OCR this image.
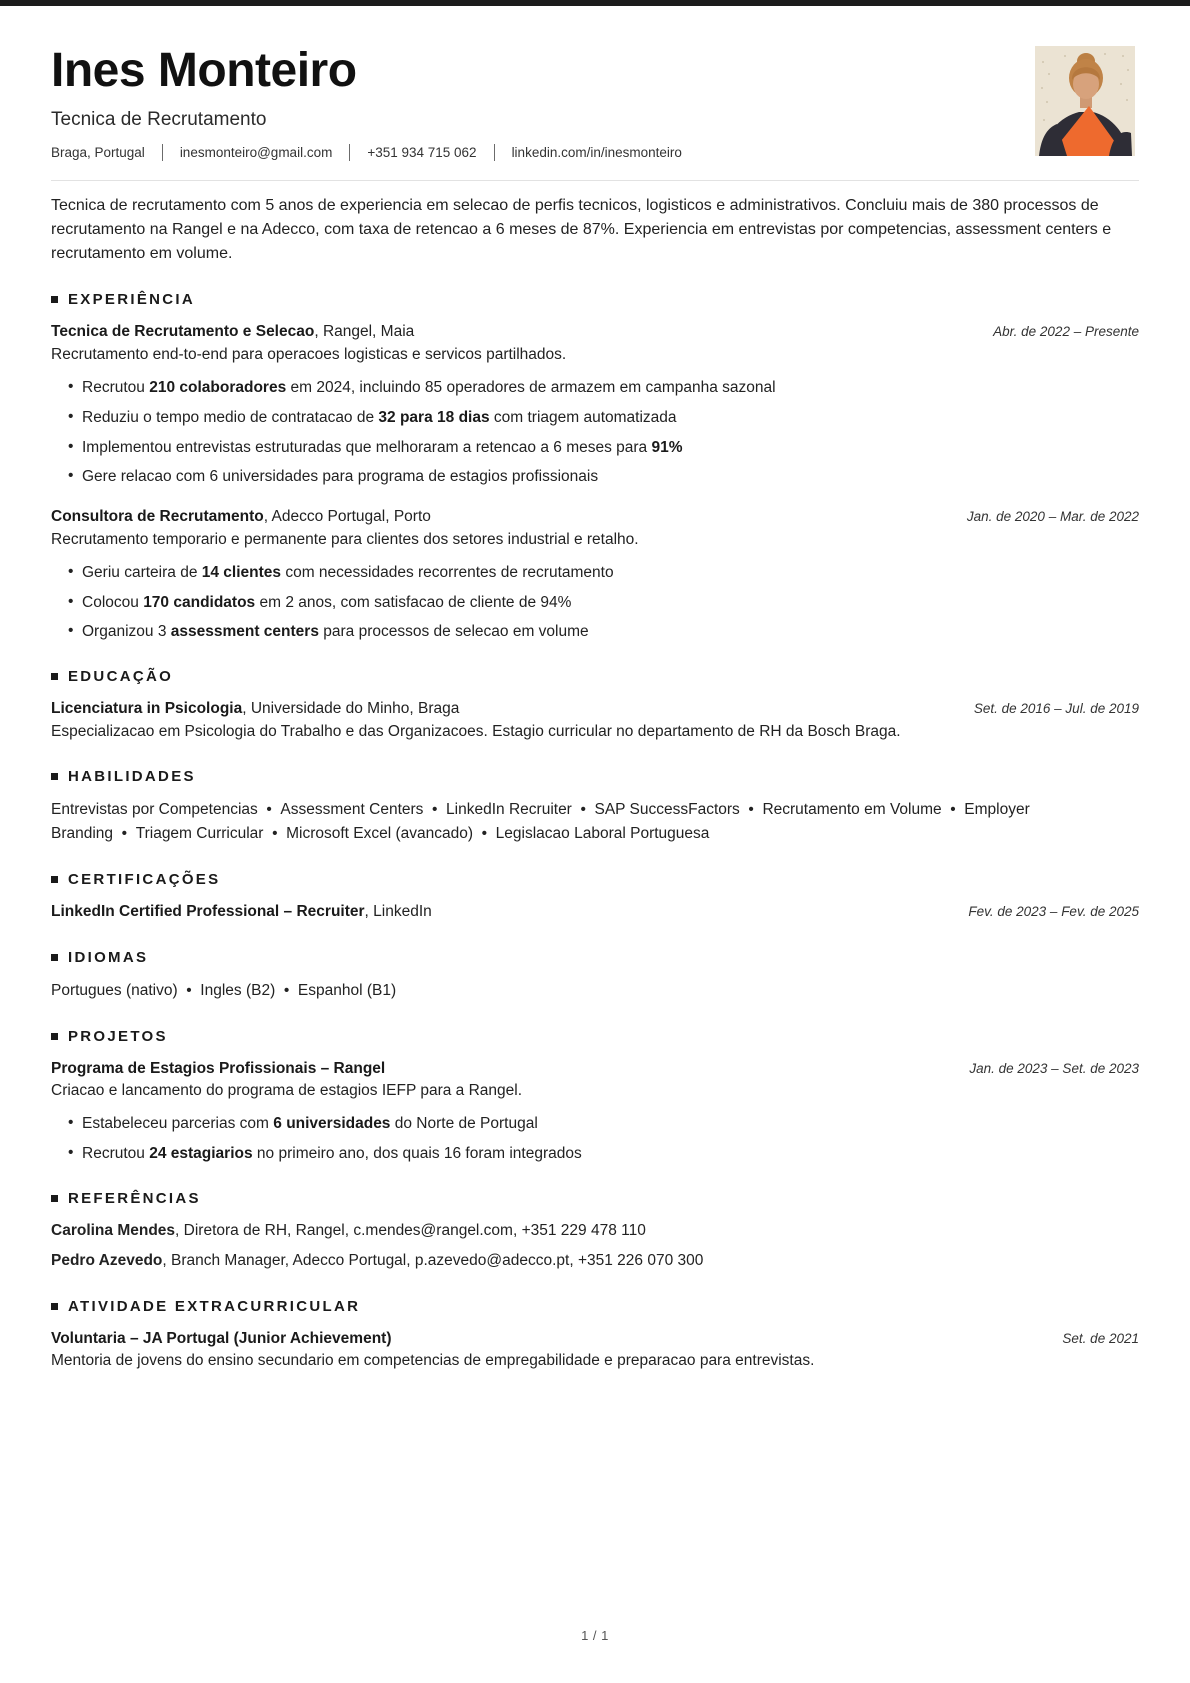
Ines Monteiro
Tecnica de Recrutamento
Braga, Portugal	inesmonteiro@gmail.com	+351 934 715 062	linkedin.com/in/inesmonteiro

Tecnica de recrutamento com 5 anos de experiencia em selecao de perfis tecnicos, logisticos e administrativos. Concluiu mais de 380 processos de recrutamento na Rangel e na Adecco, com taxa de retencao a 6 meses de 87%. Experiencia em entrevistas por competencias, assessment centers e recrutamento em volume.

EXPERIÊNCIA
Tecnica de Recrutamento e Selecao, Rangel, Maia	Abr. de 2022 – Presente
Recrutamento end-to-end para operacoes logisticas e servicos partilhados.
• Recrutou 210 colaboradores em 2024, incluindo 85 operadores de armazem em campanha sazonal
• Reduziu o tempo medio de contratacao de 32 para 18 dias com triagem automatizada
• Implementou entrevistas estruturadas que melhoraram a retencao a 6 meses para 91%
• Gere relacao com 6 universidades para programa de estagios profissionais
Consultora de Recrutamento, Adecco Portugal, Porto	Jan. de 2020 – Mar. de 2022
Recrutamento temporario e permanente para clientes dos setores industrial e retalho.
• Geriu carteira de 14 clientes com necessidades recorrentes de recrutamento
• Colocou 170 candidatos em 2 anos, com satisfacao de cliente de 94%
• Organizou 3 assessment centers para processos de selecao em volume
EDUCAÇÃO
Licenciatura in Psicologia, Universidade do Minho, Braga	Set. de 2016 – Jul. de 2019
Especializacao em Psicologia do Trabalho e das Organizacoes. Estagio curricular no departamento de RH da Bosch Braga.
HABILIDADES
Entrevistas por Competencias  •  Assessment Centers  •  LinkedIn Recruiter  •  SAP SuccessFactors  •  Recrutamento em Volume  •  Employer Branding  •  Triagem Curricular  •  Microsoft Excel (avancado)  •  Legislacao Laboral Portuguesa
CERTIFICAÇÕES
LinkedIn Certified Professional – Recruiter, LinkedIn	Fev. de 2023 – Fev. de 2025
IDIOMAS
Portugues (nativo)  •  Ingles (B2)  •  Espanhol (B1)
PROJETOS
Programa de Estagios Profissionais – Rangel	Jan. de 2023 – Set. de 2023
Criacao e lancamento do programa de estagios IEFP para a Rangel.
• Estabeleceu parcerias com 6 universidades do Norte de Portugal
• Recrutou 24 estagiarios no primeiro ano, dos quais 16 foram integrados
REFERÊNCIAS
Carolina Mendes, Diretora de RH, Rangel, c.mendes@rangel.com, +351 229 478 110
Pedro Azevedo, Branch Manager, Adecco Portugal, p.azevedo@adecco.pt, +351 226 070 300
ATIVIDADE EXTRACURRICULAR
Voluntaria – JA Portugal (Junior Achievement)	Set. de 2021
Mentoria de jovens do ensino secundario em competencias de empregabilidade e preparacao para entrevistas.
1 / 1
